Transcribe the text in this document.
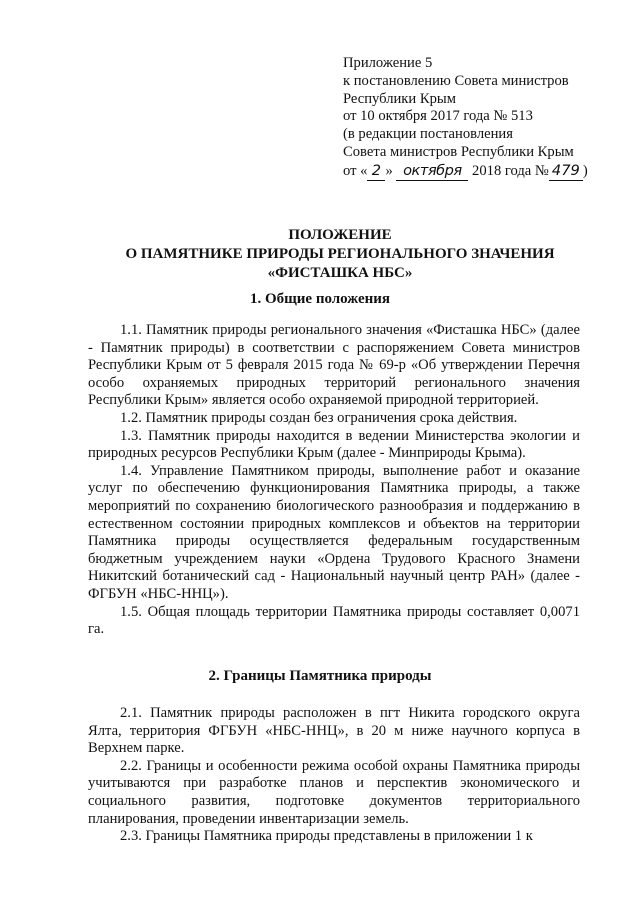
Приложение 5
к постановлению Совета министров
Республики Крым
от 10 октября 2017 года № 513
(в редакции постановления
Совета министров Республики Крым
от « 2 » октября 2018 года № 479 )
ПОЛОЖЕНИЕ
О ПАМЯТНИКЕ ПРИРОДЫ РЕГИОНАЛЬНОГО ЗНАЧЕНИЯ
«ФИСТАШКА НБС»
1. Общие положения

1.1. Памятник природы регионального значения «Фисташка НБС» (далее - Памятник природы) в соответствии с распоряжением Совета министров Республики Крым от 5 февраля 2015 года № 69-р «Об утверждении Перечня особо охраняемых природных территорий регионального значения Республики Крым» является особо охраняемой природной территорией.

1.2. Памятник природы создан без ограничения срока действия.

1.3. Памятник природы находится в ведении Министерства экологии и природных ресурсов Республики Крым (далее - Минприроды Крыма).

1.4. Управление Памятником природы, выполнение работ и оказание услуг по обеспечению функционирования Памятника природы, а также мероприятий по сохранению биологического разнообразия и поддержанию в естественном состоянии природных комплексов и объектов на территории Памятника природы осуществляется федеральным государственным бюджетным учреждением науки «Ордена Трудового Красного Знамени Никитский ботанический сад - Национальный научный центр РАН» (далее - ФГБУН «НБС-ННЦ»).

1.5. Общая площадь территории Памятника природы составляет 0,0071 га.

2. Границы Памятника природы

2.1. Памятник природы расположен в пгт Никита городского округа Ялта, территория ФГБУН «НБС-ННЦ», в 20 м ниже научного корпуса в Верхнем парке.

2.2. Границы и особенности режима особой охраны Памятника природы учитываются при разработке планов и перспектив экономического и социального развития, подготовке документов территориального планирования, проведении инвентаризации земель.

2.3. Границы Памятника природы представлены в приложении 1 к
